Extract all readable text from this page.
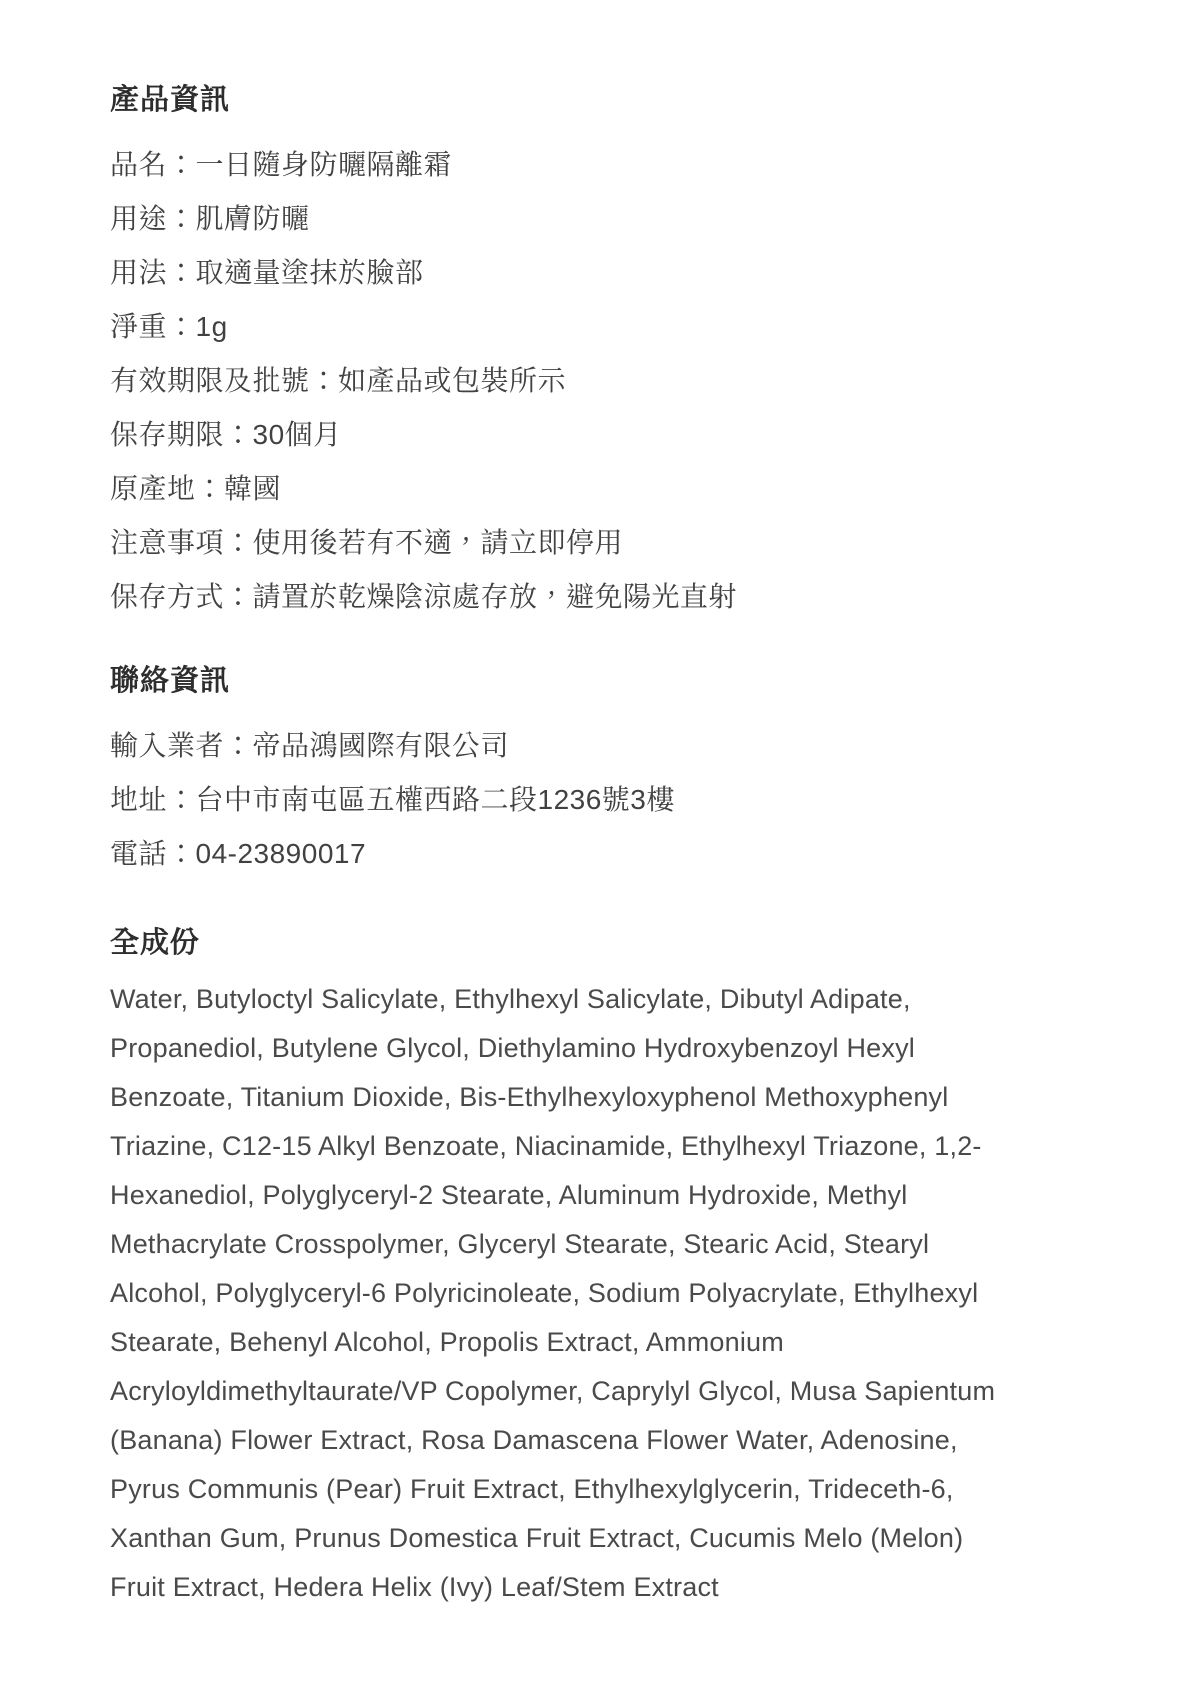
產品資訊

品名：一日隨身防曬隔離霜

用途：肌膚防曬

用法：取適量塗抹於臉部

淨重：1g

有效期限及批號：如產品或包裝所示

保存期限：30個月

原產地：韓國

注意事項：使用後若有不適，請立即停用

保存方式：請置於乾燥陰涼處存放，避免陽光直射

聯絡資訊

輸入業者：帝品鴻國際有限公司

地址：台中市南屯區五權西路二段1236號3樓

電話：04-23890017

全成份

Water, Butyloctyl Salicylate, Ethylhexyl Salicylate, Dibutyl Adipate, Propanediol, Butylene Glycol, Diethylamino Hydroxybenzoyl Hexyl Benzoate, Titanium Dioxide, Bis-Ethylhexyloxyphenol Methoxyphenyl Triazine, C12-15 Alkyl Benzoate, Niacinamide, Ethylhexyl Triazone, 1,2-Hexanediol, Polyglyceryl-2 Stearate, Aluminum Hydroxide, Methyl Methacrylate Crosspolymer, Glyceryl Stearate, Stearic Acid, Stearyl Alcohol, Polyglyceryl-6 Polyricinoleate, Sodium Polyacrylate, Ethylhexyl Stearate, Behenyl Alcohol, Propolis Extract, Ammonium Acryloyldimethyltaurate/VP Copolymer, Caprylyl Glycol, Musa Sapientum (Banana) Flower Extract, Rosa Damascena Flower Water, Adenosine, Pyrus Communis (Pear) Fruit Extract, Ethylhexylglycerin, Trideceth-6, Xanthan Gum, Prunus Domestica Fruit Extract, Cucumis Melo (Melon) Fruit Extract, Hedera Helix (Ivy) Leaf/Stem Extract
